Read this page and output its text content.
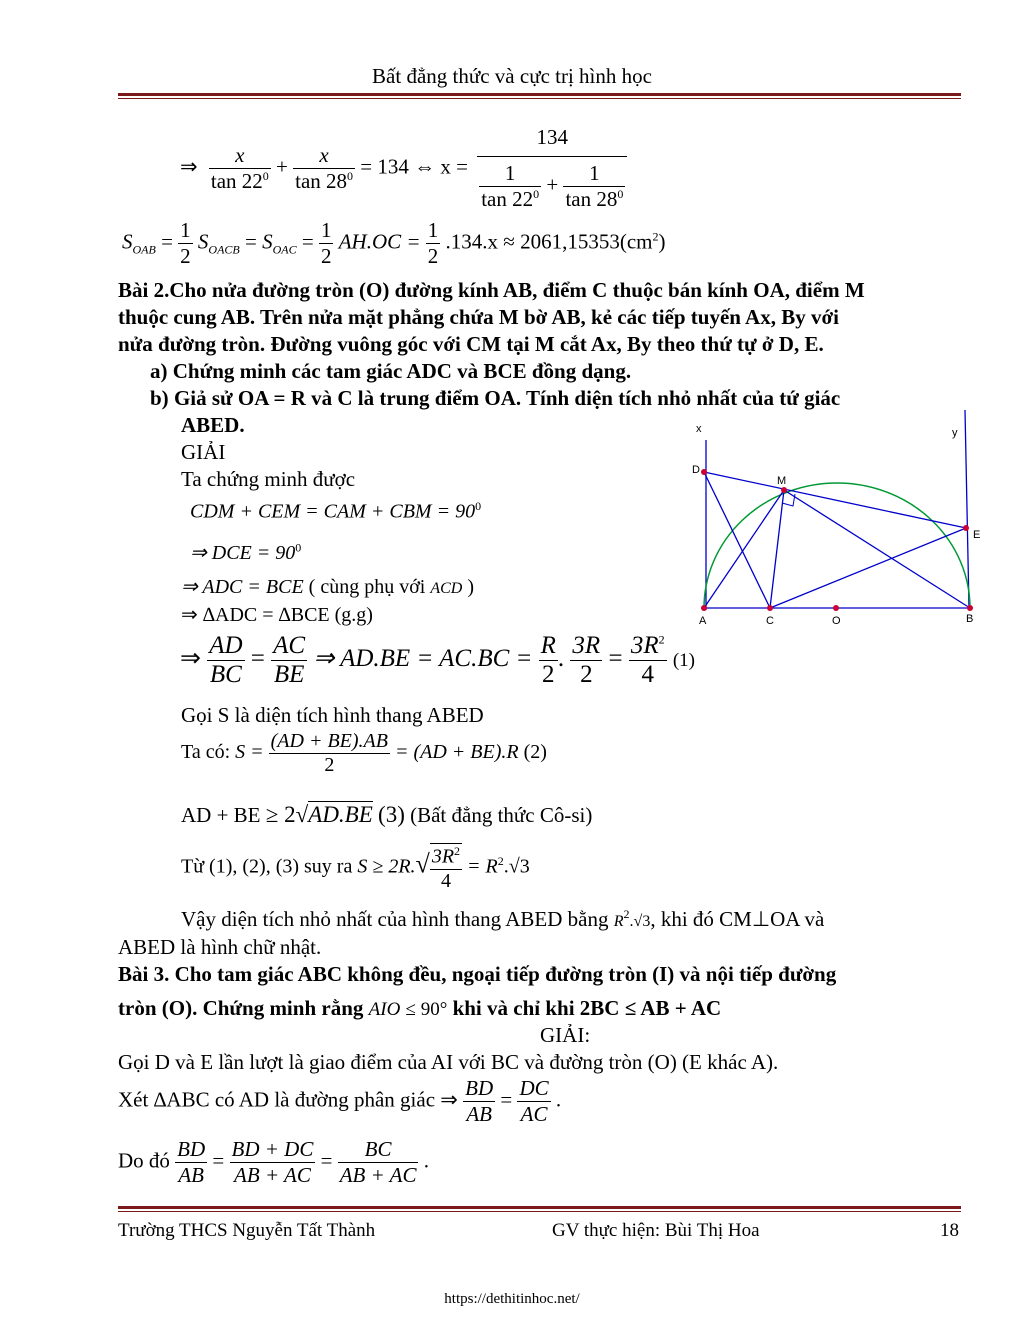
Bất đẳng thức và cực trị hình học
⇒ $\frac{x}{\tan 22^0} + \frac{x}{\tan 28^0} = 134$ ⇔ x =
134
$\frac{1}{\tan 22^0} + \frac{1}{\tan 28^0}$
$S_{OAB} = \frac{1}{2} S_{OACB} = S_{OAC} = \frac{1}{2} AH.OC = \frac{1}{2} .134.x \approx 2061,15353(cm^2)$
Bài 2.Cho nửa đường tròn (O) đường kính AB, điểm C thuộc bán kính OA, điểm M
thuộc cung AB. Trên nửa mặt phẳng chứa M bờ AB, kẻ các tiếp tuyến Ax, By với
nửa đường tròn. Đường vuông góc với CM tại M cắt Ax, By theo thứ tự ở D, E.
a) Chứng minh các tam giác ADC và BCE đồng dạng.
b) Giả sử OA = R và C là trung điểm OA. Tính diện tích nhỏ nhất của tứ giác
ABED.
GIẢI
Ta chứng minh được
CDM + CEM = CAM + CBM = $90^0$
⇒ DCE = $90^0$
⇒ ADC = BCE ( cùng phụ với ACD )
⇒ ∆ADC = ∆BCE (g.g)
⇒ $\frac{AD}{BC} = \frac{AC}{BE}$ ⇒ $AD.BE = AC.BC = \frac{R}{2}$ . $\frac{3R}{2} = \frac{3R^2}{4} (1)$
Gọi S là diện tích hình thang ABED
Ta có: $S = \frac{(AD + BE).AB}{2} = (AD + BE).R$ (2)
AD + BE ≥ 2√AD.BE (3) (Bất đẳng thức Cô-si)
Từ (1), (2), (3) suy ra $S \ge 2R.√ \frac{3R^2}{4} = R^2.√3$
Vậy diện tích nhỏ nhất của hình thang ABED bằng $R^2.√3$, khi đó CM⊥OA và
ABED là hình chữ nhật.
x	y
D
M
E
A	C	O	B
Bài 3. Cho tam giác ABC không đều, ngoại tiếp đường tròn (I) và nội tiếp đường
tròn (O). Chứng minh rằng AIO ≤ 90° khi và chỉ khi 2BC ≤ AB + AC
GIẢI:
Gọi D và E lần lượt là giao điểm của AI với BC và đường tròn (O) (E khác A).
Xét ∆ABC có AD là đường phân giác ⇒ $\frac{BD}{AB} = \frac{DC}{AC}$ .
Do đó $\frac{BD}{AB} = \frac{BD + DC}{AB + AC} = \frac{BC}{AB + AC}$ .
Trường THCS Nguyễn Tất Thành	GV thực hiện: Bùi Thị Hoa	18
https://dethitinhoc.net/
